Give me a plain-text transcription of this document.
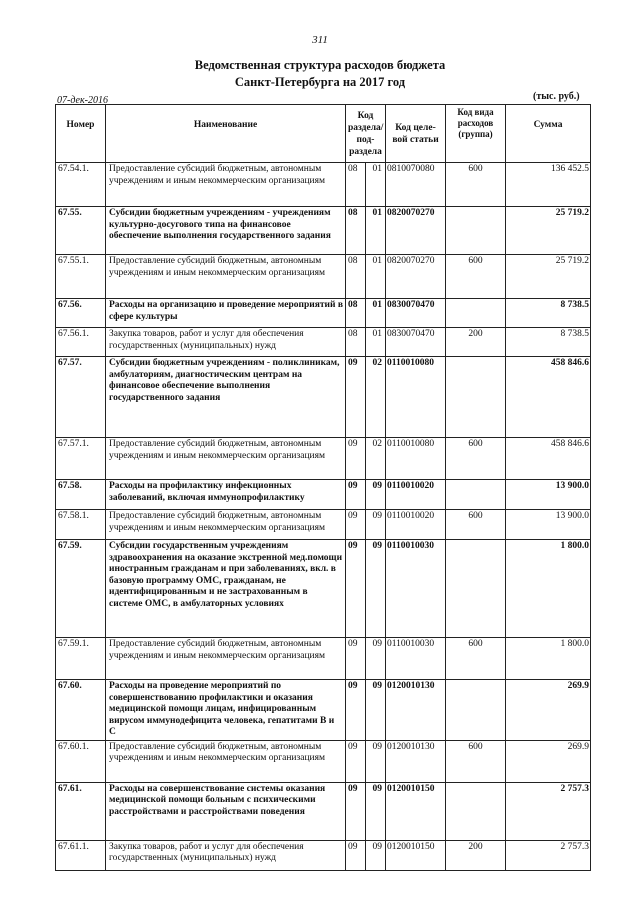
311
Ведомственная структура расходов бюджета
Санкт-Петербурга на 2017 год
07-дек-2016	(тыс. руб.)
Номер	Наименование	Код раздела/ под- раздела		Код целе- вой статьи	Код вида расходов (группа)	Сумма
67.54.1.	Предоставление субсидий бюджетным, автономным учреждениям и иным некоммерческим организациям	08	01	0810070080	600	136 452.5
67.55.	Субсидии бюджетным учреждениям - учреждениям культурно-досугового типа на финансовое обеспечение выполнения государственного задания	08	01	0820070270		25 719.2
67.55.1.	Предоставление субсидий бюджетным, автономным учреждениям и иным некоммерческим организациям	08	01	0820070270	600	25 719.2
67.56.	Расходы на организацию и проведение мероприятий в сфере культуры	08	01	0830070470		8 738.5
67.56.1.	Закупка товаров, работ и услуг для обеспечения государственных (муниципальных) нужд	08	01	0830070470	200	8 738.5
67.57.	Субсидии бюджетным учреждениям - поликлиникам, амбулаториям, диагностическим центрам на финансовое обеспечение выполнения государственного задания	09	02	0110010080		458 846.6
67.57.1.	Предоставление субсидий бюджетным, автономным учреждениям и иным некоммерческим организациям	09	02	0110010080	600	458 846.6
67.58.	Расходы на профилактику инфекционных заболеваний, включая иммунопрофилактику	09	09	0110010020		13 900.0
67.58.1.	Предоставление субсидий бюджетным, автономным учреждениям и иным некоммерческим организациям	09	09	0110010020	600	13 900.0
67.59.	Субсидии государственным учреждениям здравоохранения на оказание экстренной мед.помощи иностранным гражданам и при заболеваниях, вкл. в базовую программу ОМС, гражданам, не идентифицированным и не застрахованным в системе ОМС, в амбулаторных условиях	09	09	0110010030		1 800.0
67.59.1.	Предоставление субсидий бюджетным, автономным учреждениям и иным некоммерческим организациям	09	09	0110010030	600	1 800.0
67.60.	Расходы на проведение мероприятий по совершенствованию профилактики и оказания медицинской помощи лицам, инфицированным вирусом иммунодефицита человека, гепатитами В и С	09	09	0120010130		269.9
67.60.1.	Предоставление субсидий бюджетным, автономным учреждениям и иным некоммерческим организациям	09	09	0120010130	600	269.9
67.61.	Расходы на совершенствование системы оказания медицинской помощи больным с психическими расстройствами и расстройствами поведения	09	09	0120010150		2 757.3
67.61.1.	Закупка товаров, работ и услуг для обеспечения государственных (муниципальных) нужд	09	09	0120010150	200	2 757.3
